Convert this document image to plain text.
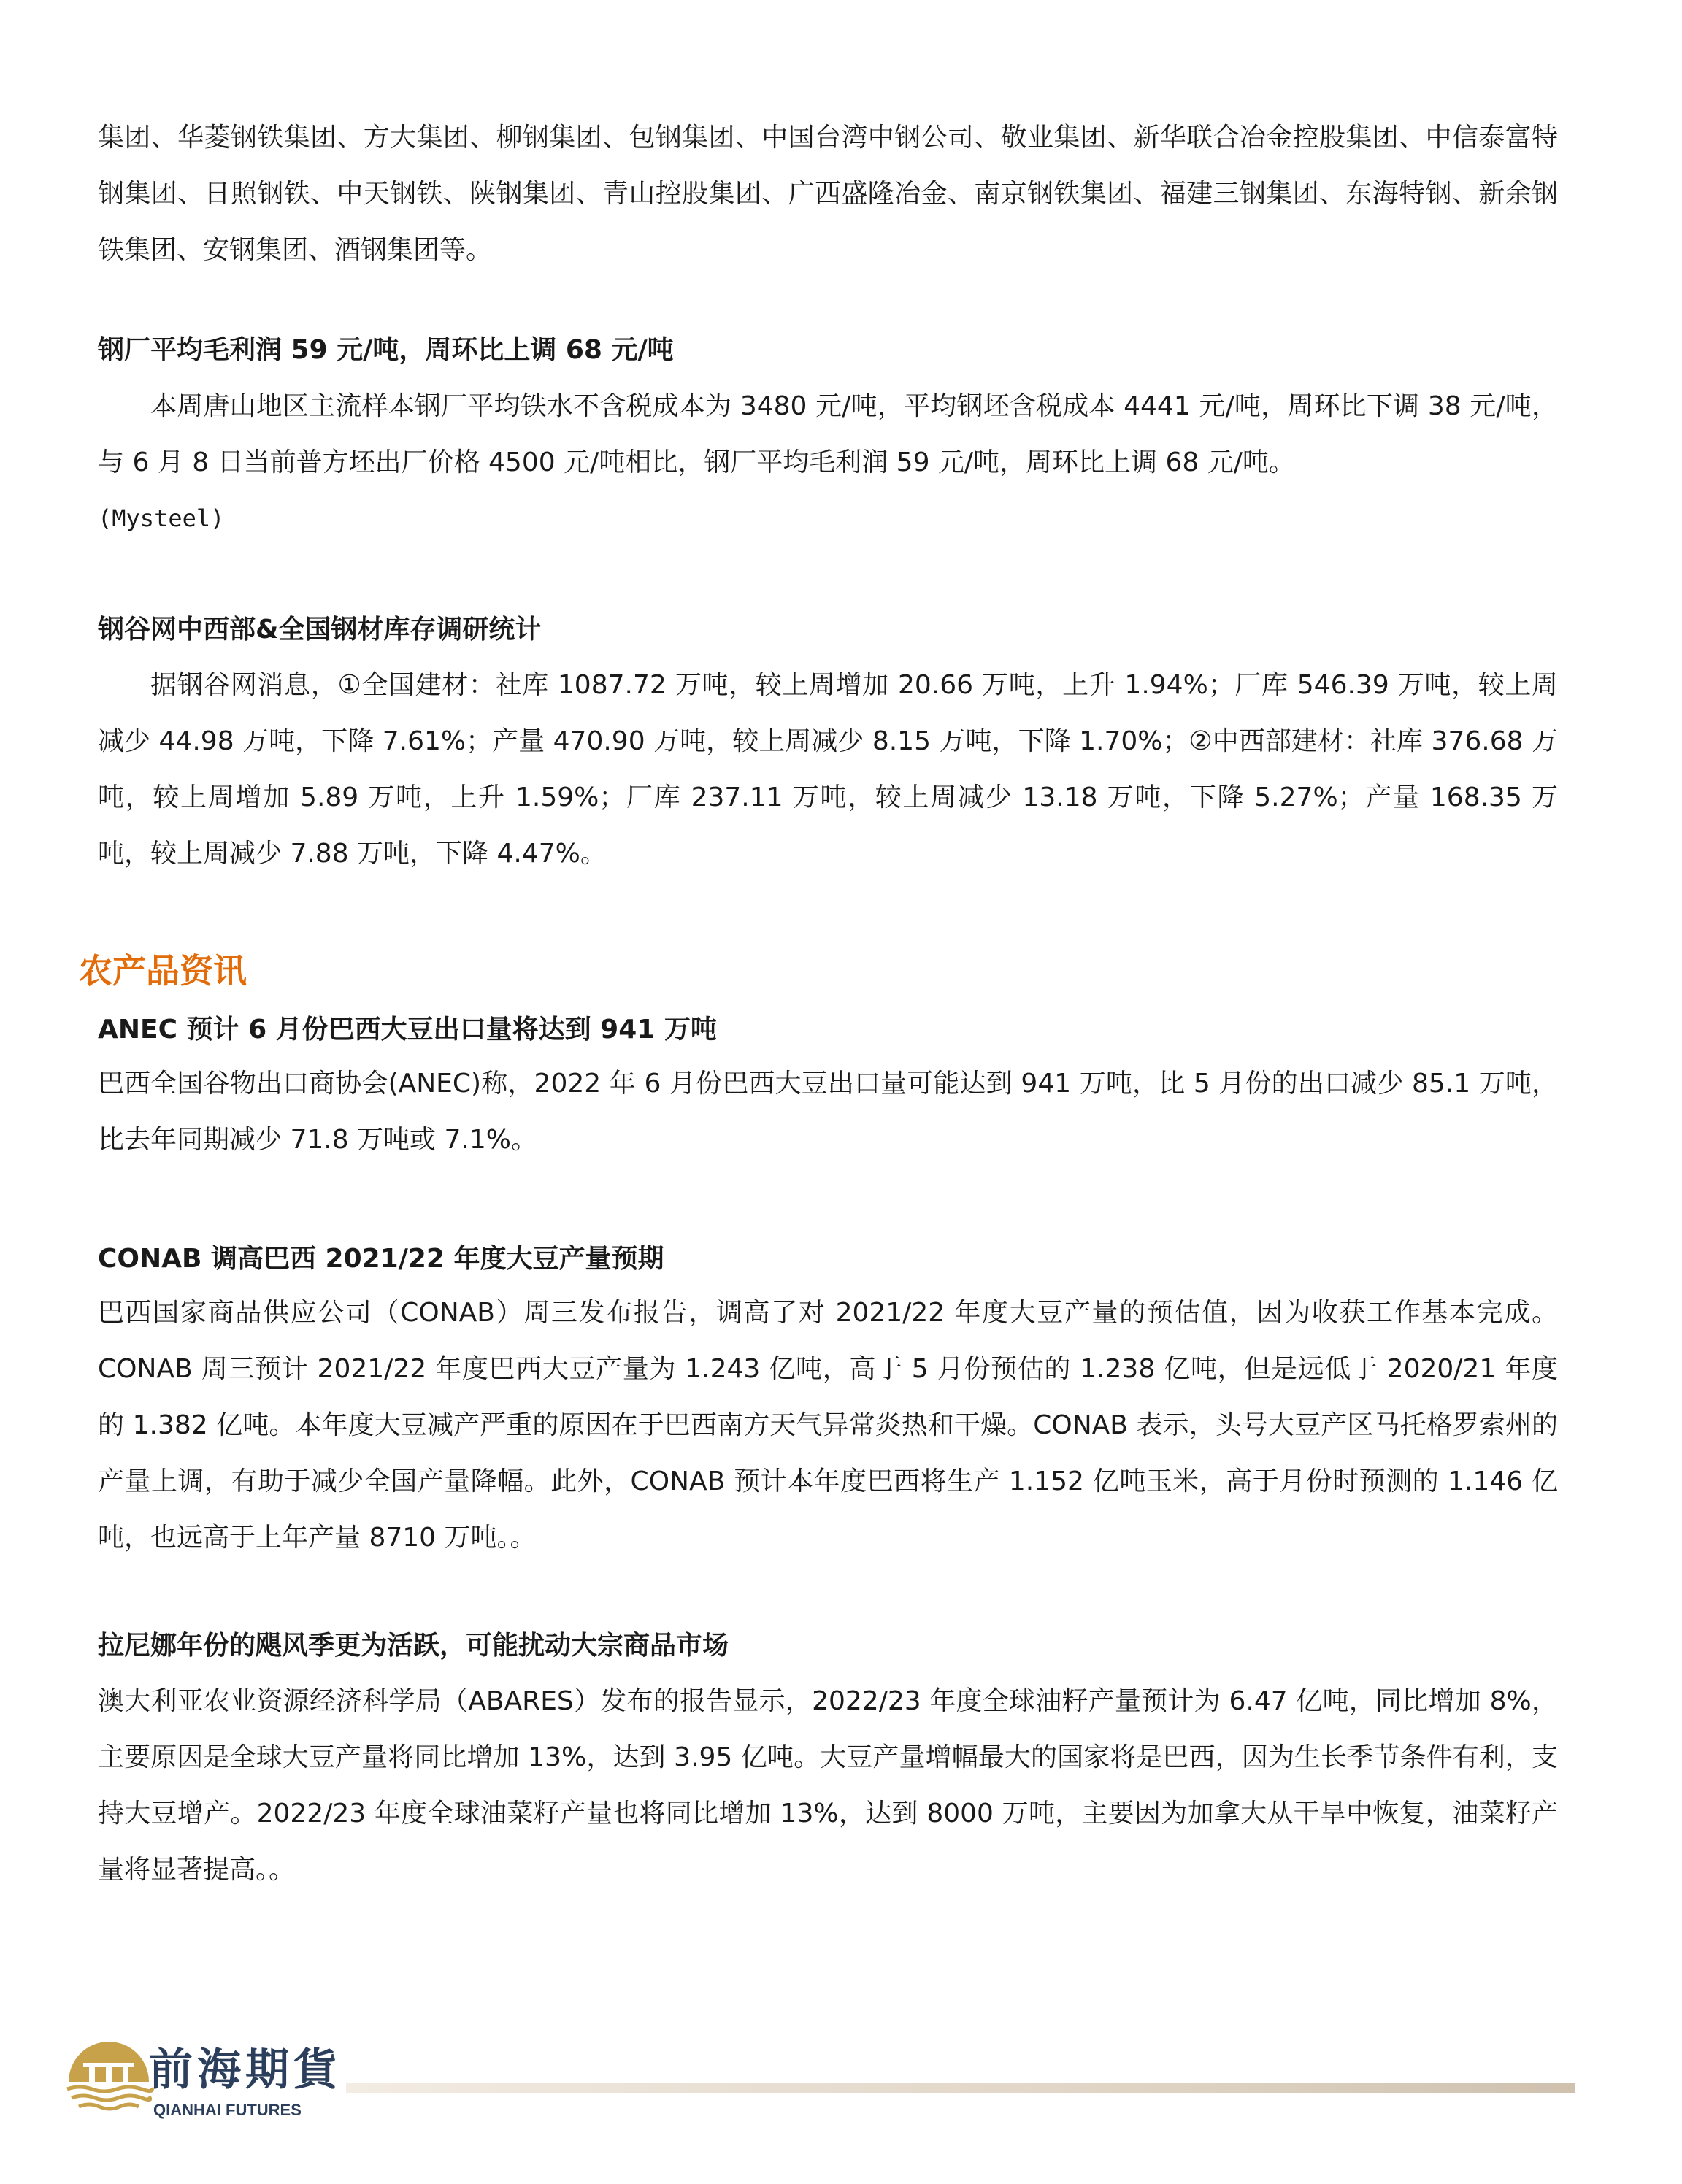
集团、华菱钢铁集团、方大集团、柳钢集团、包钢集团、中国台湾中钢公司、敬业集团、新华联合冶金控股集团、中信泰富特钢集团、日照钢铁、中天钢铁、陕钢集团、青山控股集团、广西盛隆冶金、南京钢铁集团、福建三钢集团、东海特钢、新余钢铁集团、安钢集团、酒钢集团等。

钢厂平均毛利润 59 元/吨，周环比上调 68 元/吨

本周唐山地区主流样本钢厂平均铁水不含税成本为 3480 元/吨，平均钢坯含税成本 4441 元/吨，周环比下调 38 元/吨，与 6 月 8 日当前普方坯出厂价格 4500 元/吨相比，钢厂平均毛利润 59 元/吨，周环比上调 68 元/吨。

(Mysteel)

钢谷网中西部&全国钢材库存调研统计

据钢谷网消息，①全国建材：社库 1087.72 万吨，较上周增加 20.66 万吨，上升 1.94%；厂库 546.39 万吨，较上周减少 44.98 万吨，下降 7.61%；产量 470.90 万吨，较上周减少 8.15 万吨，下降 1.70%；②中西部建材：社库 376.68 万吨，较上周增加 5.89 万吨，上升 1.59%；厂库 237.11 万吨，较上周减少 13.18 万吨，下降 5.27%；产量 168.35 万吨，较上周减少 7.88 万吨，下降 4.47%。

农产品资讯
ANEC 预计 6 月份巴西大豆出口量将达到 941 万吨

巴西全国谷物出口商协会(ANEC)称，2022 年 6 月份巴西大豆出口量可能达到 941 万吨，比 5 月份的出口减少 85.1 万吨，比去年同期减少 71.8 万吨或 7.1%。

CONAB 调高巴西 2021/22 年度大豆产量预期

巴西国家商品供应公司（CONAB）周三发布报告，调高了对 2021/22 年度大豆产量的预估值，因为收获工作基本完成。CONAB 周三预计 2021/22 年度巴西大豆产量为 1.243 亿吨，高于 5 月份预估的 1.238 亿吨，但是远低于 2020/21 年度的 1.382 亿吨。本年度大豆减产严重的原因在于巴西南方天气异常炎热和干燥。CONAB 表示，头号大豆产区马托格罗索州的产量上调，有助于减少全国产量降幅。此外，CONAB 预计本年度巴西将生产 1.152 亿吨玉米，高于月份时预测的 1.146 亿吨，也远高于上年产量 8710 万吨。。

拉尼娜年份的飓风季更为活跃，可能扰动大宗商品市场

澳大利亚农业资源经济科学局（ABARES）发布的报告显示，2022/23 年度全球油籽产量预计为 6.47 亿吨，同比增加 8%，主要原因是全球大豆产量将同比增加 13%，达到 3.95 亿吨。大豆产量增幅最大的国家将是巴西，因为生长季节条件有利，支持大豆增产。2022/23 年度全球油菜籽产量也将同比增加 13%，达到 8000 万吨，主要因为加拿大从干旱中恢复，油菜籽产量将显著提高。。

前海期貨
QIANHAI FUTURES
